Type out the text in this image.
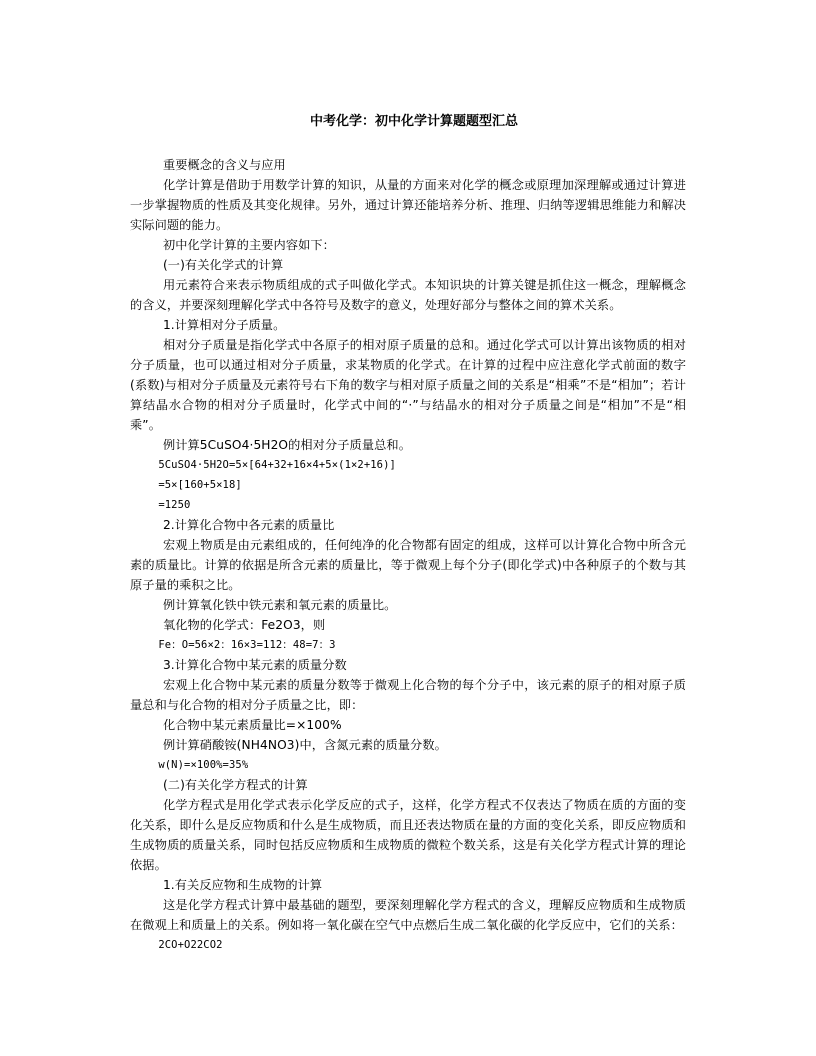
中考化学：初中化学计算题题型汇总

重要概念的含义与应用

化学计算是借助于用数学计算的知识，从量的方面来对化学的概念或原理加深理解或通过计算进一步掌握物质的性质及其变化规律。另外，通过计算还能培养分析、推理、归纳等逻辑思维能力和解决实际问题的能力。

初中化学计算的主要内容如下：

(一)有关化学式的计算

用元素符合来表示物质组成的式子叫做化学式。本知识块的计算关键是抓住这一概念，理解概念的含义，并要深刻理解化学式中各符号及数字的意义，处理好部分与整体之间的算术关系。

1.计算相对分子质量。

相对分子质量是指化学式中各原子的相对原子质量的总和。通过化学式可以计算出该物质的相对分子质量，也可以通过相对分子质量，求某物质的化学式。在计算的过程中应注意化学式前面的数字(系数)与相对分子质量及元素符号右下角的数字与相对原子质量之间的关系是“相乘”不是“相加”；若计算结晶水合物的相对分子质量时，化学式中间的“·”与结晶水的相对分子质量之间是“相加”不是“相乘”。

例计算5CuSO4·5H2O的相对分子质量总和。

5CuSO4·5H2O=5×[64+32+16×4+5×(1×2+16)]

=5×[160+5×18]

=1250

2.计算化合物中各元素的质量比

宏观上物质是由元素组成的，任何纯净的化合物都有固定的组成，这样可以计算化合物中所含元素的质量比。计算的依据是所含元素的质量比，等于微观上每个分子(即化学式)中各种原子的个数与其原子量的乘积之比。

例计算氧化铁中铁元素和氧元素的质量比。

氧化物的化学式：Fe2O3，则

Fe：O=56×2：16×3=112：48=7：3

3.计算化合物中某元素的质量分数

宏观上化合物中某元素的质量分数等于微观上化合物的每个分子中，该元素的原子的相对原子质量总和与化合物的相对分子质量之比，即：

化合物中某元素质量比=×100%

例计算硝酸铵(NH4NO3)中，含氮元素的质量分数。

w(N)=×100%=35%

(二)有关化学方程式的计算

化学方程式是用化学式表示化学反应的式子，这样，化学方程式不仅表达了物质在质的方面的变化关系，即什么是反应物质和什么是生成物质，而且还表达物质在量的方面的变化关系，即反应物质和生成物质的质量关系，同时包括反应物质和生成物质的微粒个数关系，这是有关化学方程式计算的理论依据。

1.有关反应物和生成物的计算

这是化学方程式计算中最基础的题型，要深刻理解化学方程式的含义，理解反应物质和生成物质在微观上和质量上的关系。例如将一氧化碳在空气中点燃后生成二氧化碳的化学反应中，它们的关系：

2CO+O22CO2
